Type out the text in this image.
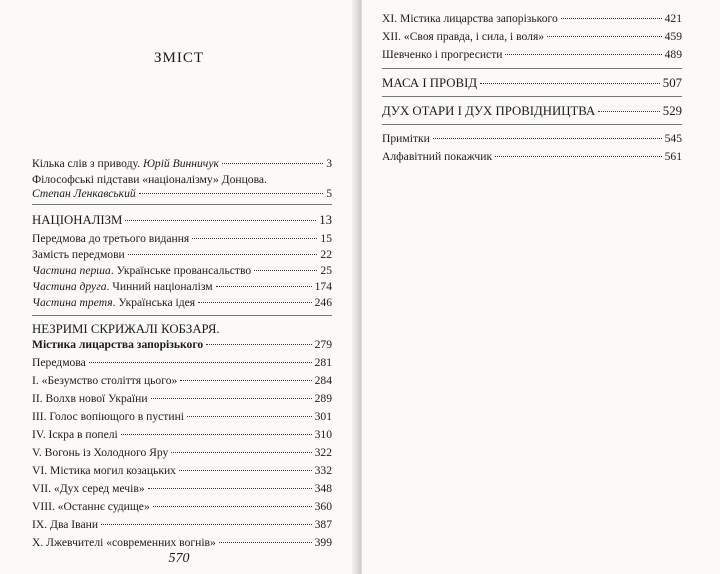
ЗМІСТ
Кілька слів з приводу. Юрій Винничук	3
Філософські підстави «націоналізму» Донцова.
Степан Ленкавський	5
НАЦІОНАЛІЗМ	13
Передмова до третього видання	15
Замість передмови	22
Частина перша. Українське провансальство	25
Частина друга. Чинний націоналізм	174
Частина третя. Українська ідея	246
НЕЗРИМІ СКРИЖАЛІ КОБЗАРЯ.
Містика лицарства запорізького	279
Передмова	281
І. «Безумство століття цього»	284
ІІ. Волхв нової України	289
ІІІ. Голос вопіющого в пустині	301
IV. Іскра в попелі	310
V. Вогонь із Холодного Яру	322
VI. Містика могил козацьких	332
VII. «Дух серед мечів»	348
VIII. «Останнє судище»	360
IX. Два Івани	387
X. Лжевчителі «современних вогнів»	399
570
XI. Містика лицарства запорізького	421
XII. «Своя правда, і сила, і воля»	459
Шевченко і прогресисти	489
МАСА І ПРОВІД	507
ДУХ ОТАРИ І ДУХ ПРОВІДНИЦТВА	529
Примітки	545
Алфавітний покажчик	561
